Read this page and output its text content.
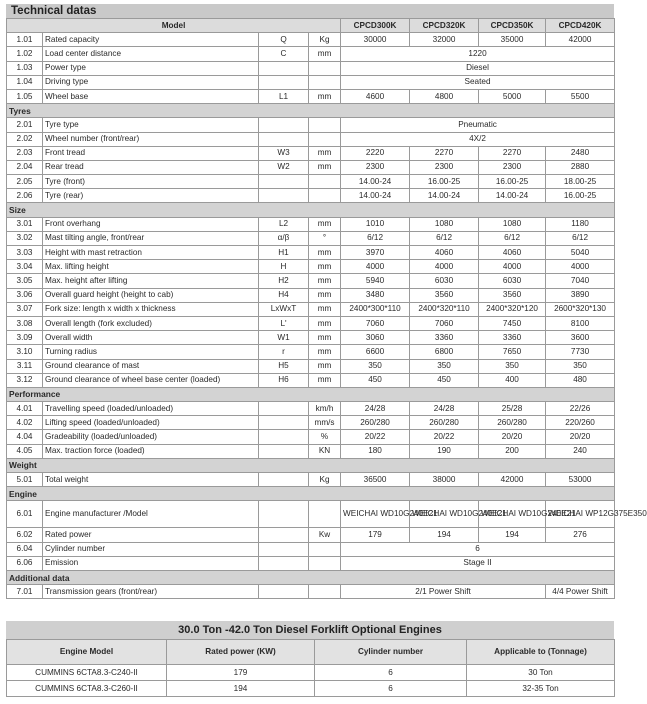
Technical datas
Model				CPCD300K	CPCD320K	CPCD350K	CPCD420K
1.01	Rated capacity	Q	Kg	30000	32000	35000	42000
1.02	Load center distance	C	mm	1220			
1.03	Power type			Diesel			
1.04	Driving type			Seated			
1.05	Wheel base	L1	mm	4600	4800	5000	5500
Tyres							
2.01	Tyre type			Pneumatic			
2.02	Wheel number (front/rear)			4X/2			
2.03	Front tread	W3	mm	2220	2270	2270	2480
2.04	Rear tread	W2	mm	2300	2300	2300	2880
2.05	Tyre (front)			14.00-24	16.00-25	16.00-25	18.00-25
2.06	Tyre (rear)			14.00-24	14.00-24	14.00-24	16.00-25
Size							
3.01	Front overhang	L2	mm	1010	1080	1080	1180
3.02	Mast tilting angle, front/rear	α/β	°	6/12	6/12	6/12	6/12
3.03	Height with mast retraction	H1	mm	3970	4060	4060	5040
3.04	Max. lifting height	H	mm	4000	4000	4000	4000
3.05	Max. height after lifting	H2	mm	5940	6030	6030	7040
3.06	Overall guard height (height to cab)	H4	mm	3480	3560	3560	3890
3.07	Fork size: length x width x thickness	LxWxT	mm	2400*300*110	2400*320*110	2400*320*120	2600*320*130
3.08	Overall length (fork excluded)	L'	mm	7060	7060	7450	8100
3.09	Overall width	W1	mm	3060	3360	3360	3600
3.10	Turning radius	r	mm	6600	6800	7650	7730
3.11	Ground clearance of mast	H5	mm	350	350	350	350
3.12	Ground clearance of wheel base center (loaded)	H6	mm	450	450	400	480
Performance							
4.01	Travelling speed (loaded/unloaded)		km/h	24/28	24/28	25/28	22/26
4.02	Lifting speed (loaded/unloaded)		mm/s	260/280	260/280	260/280	220/260
4.04	Gradeability (loaded/unloaded)		%	20/22	20/22	20/20	20/20
4.05	Max. traction force (loaded)		KN	180	190	200	240
Weight							
5.01	Total weight		Kg	36500	38000	42000	53000
Engine							
6.01	Engine manufacturer /Model			WEICHAI WD10G240E21	WEICHAI WD10G240E21	WEICHAI WD10G240E21	WEICHAI WP12G375E350
6.02	Rated power		Kw	179	194	194	276
6.04	Cylinder number			6			
6.06	Emission			Stage II			
Additional data							
7.01	Transmission gears (front/rear)			2/1 Power Shift			4/4 Power Shift
30.0 Ton -42.0 Ton Diesel Forklift Optional Engines
Engine Model	Rated power (KW)	Cylinder number	Applicable to (Tonnage)
CUMMINS 6CTA8.3-C240-II	179	6	30 Ton
CUMMINS 6CTA8.3-C260-II	194	6	32-35 Ton
